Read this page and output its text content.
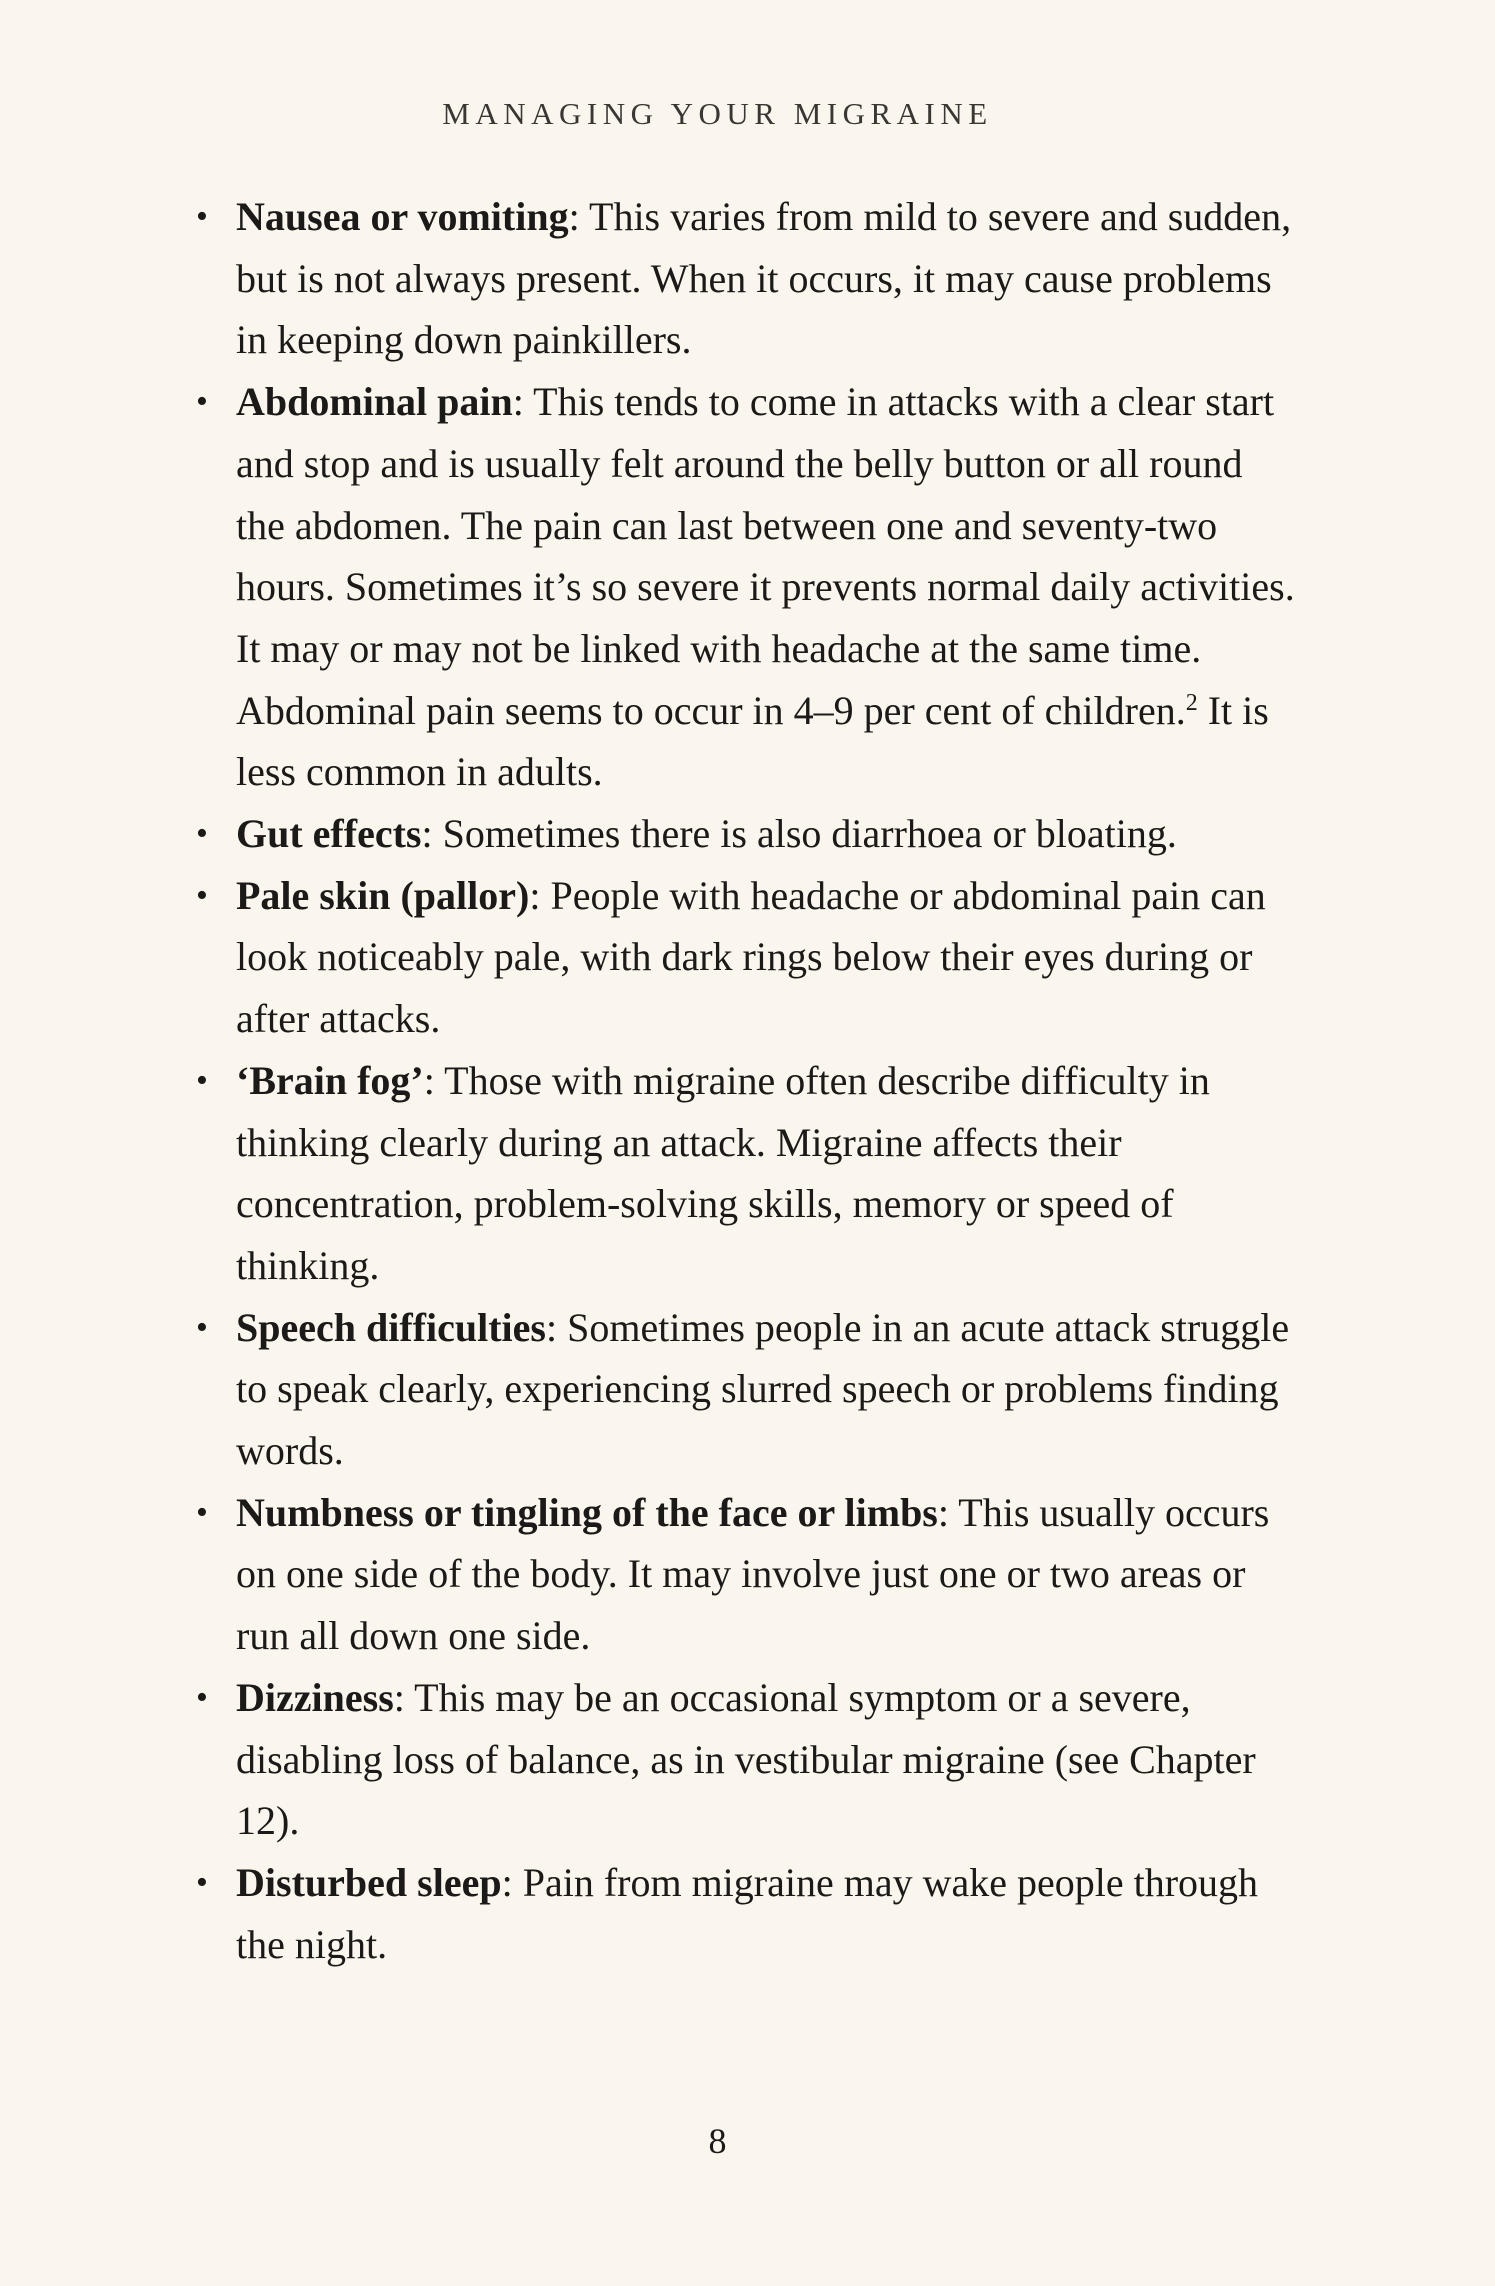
MANAGING YOUR MIGRAINE
• Nausea or vomiting: This varies from mild to severe and sudden, but is not always present. When it occurs, it may cause problems in keeping down painkillers.
• Abdominal pain: This tends to come in attacks with a clear start and stop and is usually felt around the belly button or all round the abdomen. The pain can last between one and seventy-two hours. Sometimes it’s so severe it prevents normal daily activities. It may or may not be linked with headache at the same time. Abdominal pain seems to occur in 4–9 per cent of children.$^2$ It is less common in adults.
• Gut effects: Sometimes there is also diarrhoea or bloating.
• Pale skin (pallor): People with headache or abdominal pain can look noticeably pale, with dark rings below their eyes during or after attacks.
• ‘Brain fog’: Those with migraine often describe difficulty in thinking clearly during an attack. Migraine affects their concentration, problem-solving skills, memory or speed of thinking.
• Speech difficulties: Sometimes people in an acute attack struggle to speak clearly, experiencing slurred speech or problems finding words.
• Numbness or tingling of the face or limbs: This usually occurs on one side of the body. It may involve just one or two areas or run all down one side.
• Dizziness: This may be an occasional symptom or a severe, disabling loss of balance, as in vestibular migraine (see Chapter 12).
• Disturbed sleep: Pain from migraine may wake people through the night.
8
